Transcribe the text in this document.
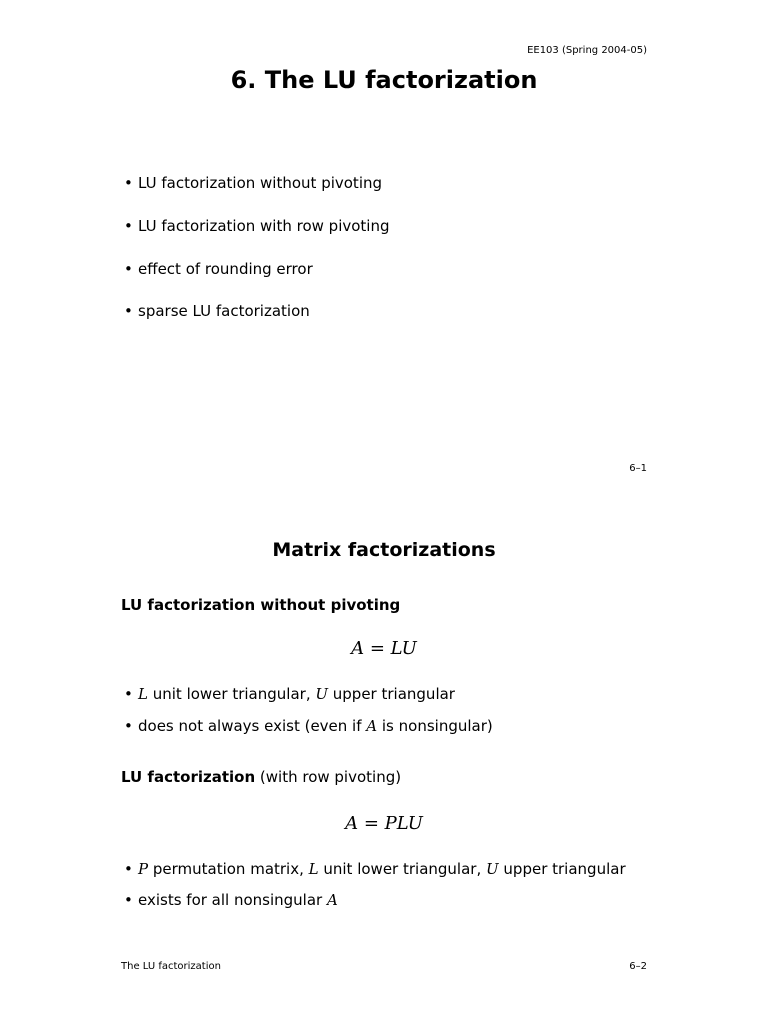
EE103 (Spring 2004-05)
6. The LU factorization
• LU factorization without pivoting
• LU factorization with row pivoting
• effect of rounding error
• sparse LU factorization
6–1
Matrix factorizations
LU factorization without pivoting
A = LU
• L unit lower triangular, U upper triangular
• does not always exist (even if A is nonsingular)
LU factorization (with row pivoting)
A = PLU
• P permutation matrix, L unit lower triangular, U upper triangular
• exists for all nonsingular A
The LU factorization	6–2
